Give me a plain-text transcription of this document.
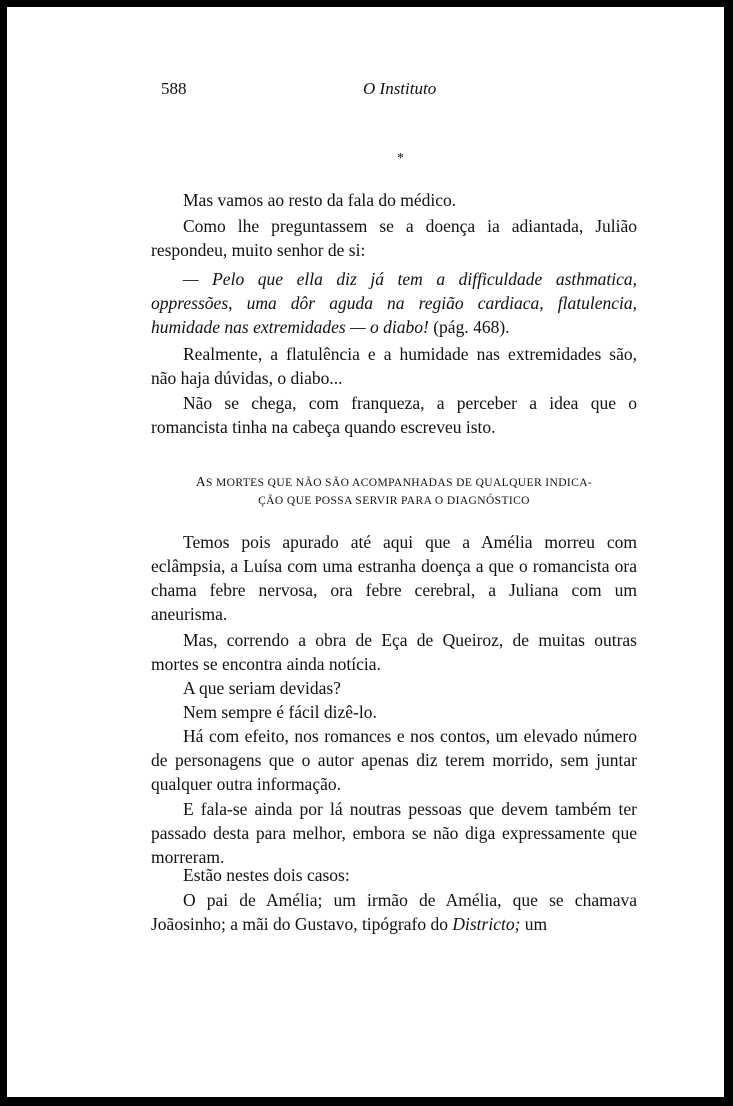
588	O Instituto
*

Mas vamos ao resto da fala do médico.

Como lhe preguntassem se a doença ia adiantada, Julião respondeu, muito senhor de si:

— Pelo que ella diz já tem a difficuldade asthmatica, oppressões, uma dôr aguda na região cardiaca, flatulencia, humidade nas extremidades — o diabo! (pág. 468).

Realmente, a flatulência e a humidade nas extremidades são, não haja dúvidas, o diabo...

Não se chega, com franqueza, a perceber a idea que o romancista tinha na cabeça quando escreveu isto.

AS MORTES QUE NÃO SÃO ACOMPANHADAS DE QUALQUER INDICA-
ÇÃO QUE POSSA SERVIR PARA O DIAGNÓSTICO

Temos pois apurado até aqui que a Amélia morreu com eclâmpsia, a Luísa com uma estranha doença a que o romancista ora chama febre nervosa, ora febre cerebral, a Juliana com um aneurisma.

Mas, correndo a obra de Eça de Queiroz, de muitas outras mortes se encontra ainda notícia.

A que seriam devidas?

Nem sempre é fácil dizê-lo.

Há com efeito, nos romances e nos contos, um elevado número de personagens que o autor apenas diz terem morrido, sem juntar qualquer outra informação.

E fala-se ainda por lá noutras pessoas que devem também ter passado desta para melhor, embora se não diga expressamente que morreram.

Estão nestes dois casos:

O pai de Amélia; um irmão de Amélia, que se chamava Joãosinho; a mãi do Gustavo, tipógrafo do Districto; um
